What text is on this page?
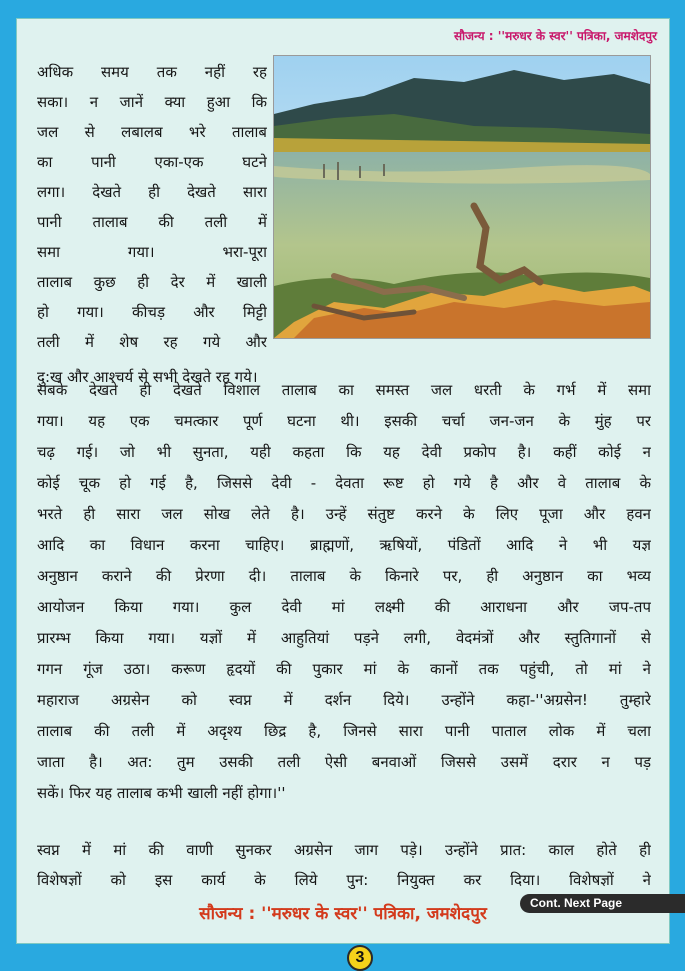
सौजन्य : ''मरुधर के स्वर'' पत्रिका, जमशेदपुर
अधिक समय तक नहीं रह
सका। न जानें क्या हुआ कि
जल से लबालब भरे तालाब
का पानी एका-एक घटने
लगा। देखते ही देखते सारा
पानी तालाब की तली में
समा गया। भरा-पूरा
तालाब कुछ ही देर में खाली
हो गया। कीचड़ और मिट्टी
तली में शेष रह गये और
दु:ख और आश्चर्य से सभी देखते रह गये।
सबके देखते ही देखते विशाल तालाब का समस्त जल धरती के गर्भ में समा
गया। यह एक चमत्कार पूर्ण घटना थी। इसकी चर्चा जन-जन के मुंह पर
चढ़ गई। जो भी सुनता, यही कहता कि यह देवी प्रकोप है। कहीं कोई न
कोई चूक हो गई है, जिससे देवी - देवता रूष्ट हो गये है और वे तालाब के
भरते ही सारा जल सोख लेते है। उन्हें संतुष्ट करने के लिए पूजा और हवन
आदि का विधान करना चाहिए। ब्राह्मणों, ऋषियों, पंडितों आदि ने भी यज्ञ
अनुष्ठान कराने की प्रेरणा दी। तालाब के किनारे पर, ही अनुष्ठान का भव्य
आयोजन किया गया। कुल देवी मां लक्ष्मी की आराधना और जप-तप
प्रारम्भ किया गया। यज्ञों में आहुतियां पड़ने लगी, वेदमंत्रों और स्तुतिगानों से
गगन गूंज उठा। करूण हृदयों की पुकार मां के कानों तक पहुंची, तो मां ने
महाराज अग्रसेन को स्वप्न में दर्शन दिये। उन्होंने कहा-''अग्रसेन! तुम्हारे
तालाब की तली में अदृश्य छिद्र है, जिनसे सारा पानी पाताल लोक में चला
जाता है। अत: तुम उसकी तली ऐसी बनवाओं जिससे उसमें दरार न पड़
सकें। फिर यह तालाब कभी खाली नहीं होगा।''
स्वप्न में मां की वाणी सुनकर अग्रसेन जाग पड़े। उन्होंने प्रात: काल होते ही
विशेषज्ञों को इस कार्य के लिये पुन: नियुक्त कर दिया। विशेषज्ञों ने
सौजन्य : ''मरुधर के स्वर'' पत्रिका, जमशेदपुर
3
Cont. Next Page
